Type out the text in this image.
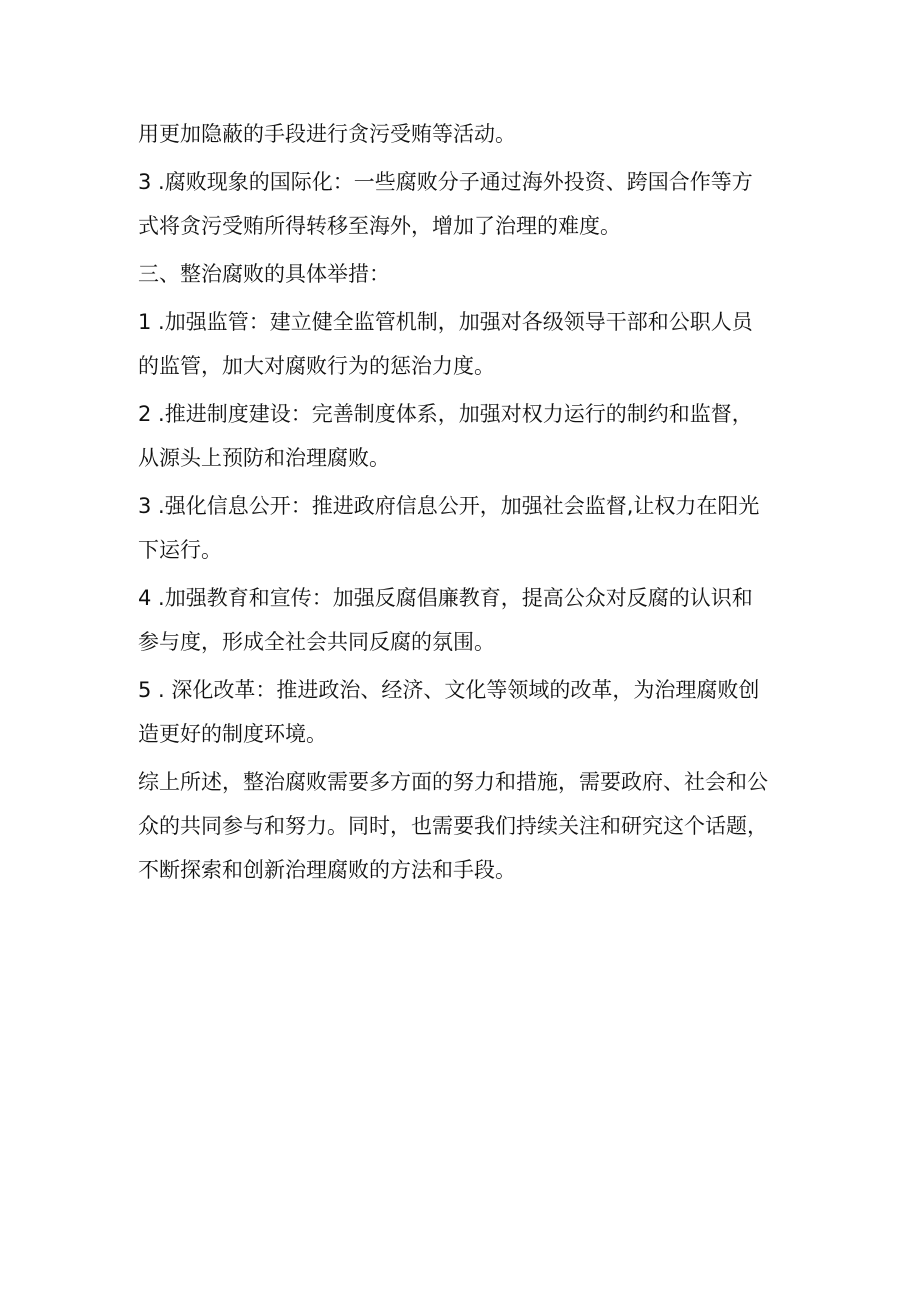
用更加隐蔽的手段进行贪污受贿等活动。

3 .腐败现象的国际化：一些腐败分子通过海外投资、跨国合作等方
式将贪污受贿所得转移至海外，增加了治理的难度。

三、整治腐败的具体举措：

1 .加强监管：建立健全监管机制，加强对各级领导干部和公职人员
的监管，加大对腐败行为的惩治力度。

2 .推进制度建设：完善制度体系，加强对权力运行的制约和监督，
从源头上预防和治理腐败。

3 .强化信息公开：推进政府信息公开，加强社会监督,让权力在阳光
下运行。

4 .加强教育和宣传：加强反腐倡廉教育，提高公众对反腐的认识和
参与度，形成全社会共同反腐的氛围。

5 . 深化改革：推进政治、经济、文化等领域的改革，为治理腐败创
造更好的制度环境。

综上所述，整治腐败需要多方面的努力和措施，需要政府、社会和公
众的共同参与和努力。同时，也需要我们持续关注和研究这个话题，
不断探索和创新治理腐败的方法和手段。
